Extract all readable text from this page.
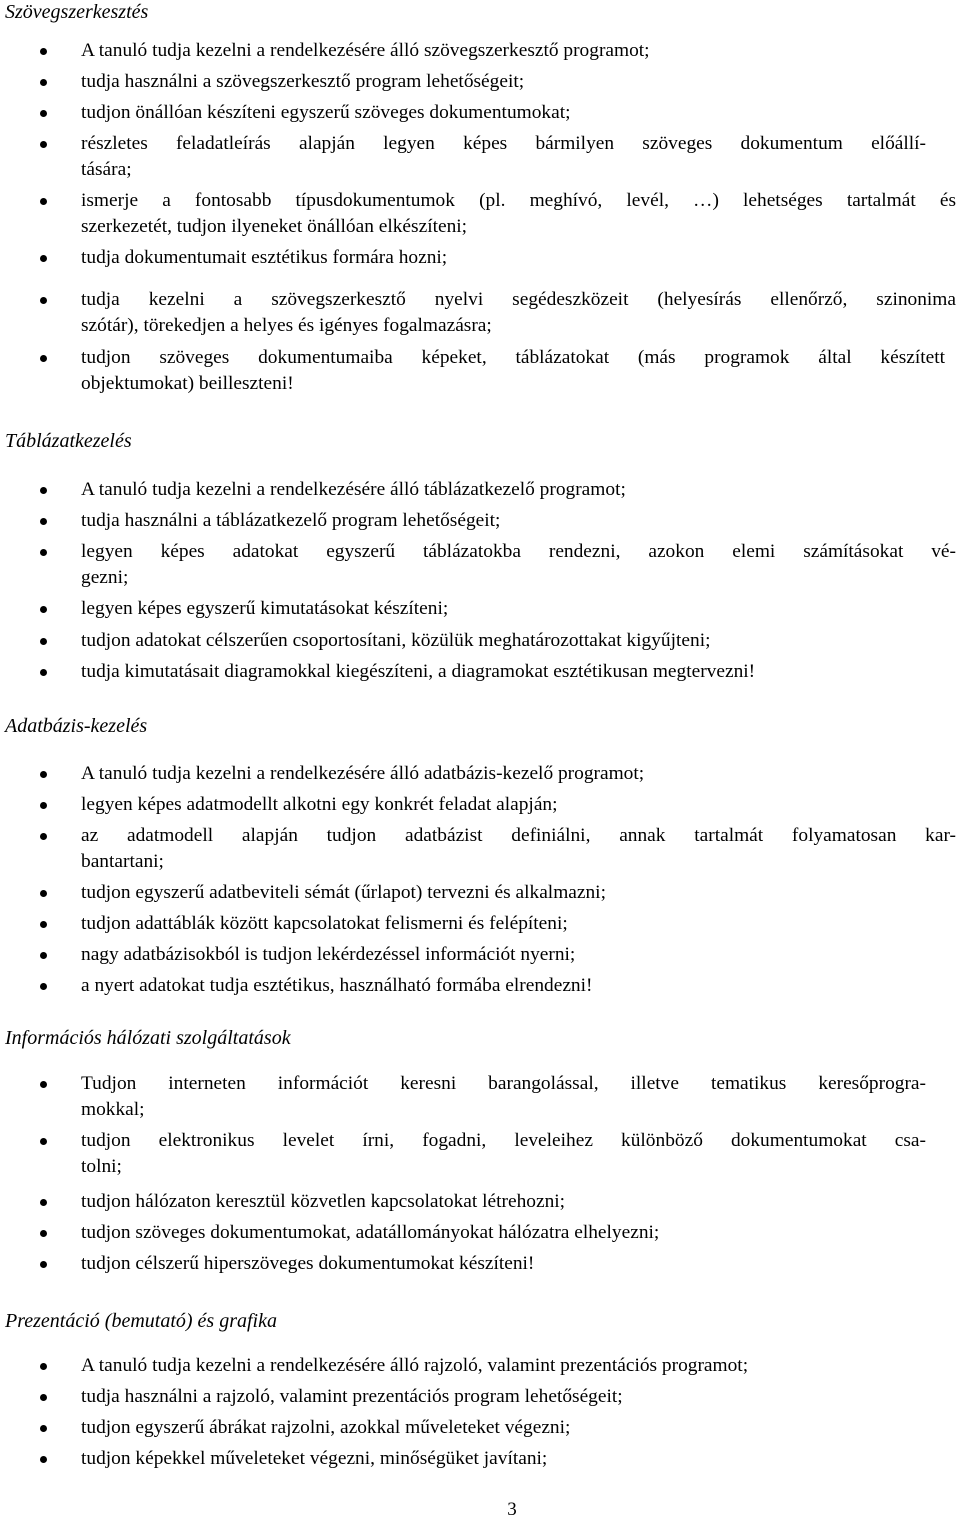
Szövegszerkesztés
A tanuló tudja kezelni a rendelkezésére álló szövegszerkesztő programot;
tudja használni a szövegszerkesztő program lehetőségeit;
tudjon önállóan készíteni egyszerű szöveges dokumentumokat;
részletes feladatleírás alapján legyen képes bármilyen szöveges dokumentum előállí-
tására;
ismerje a fontosabb típusdokumentumok (pl. meghívó, levél, …) lehetséges tartalmát és
szerkezetét, tudjon ilyeneket önállóan elkészíteni;
tudja dokumentumait esztétikus formára hozni;
tudja kezelni a szövegszerkesztő nyelvi segédeszközeit (helyesírás ellenőrző, szinonima
szótár), törekedjen a helyes és igényes fogalmazásra;
tudjon szöveges dokumentumaiba képeket, táblázatokat (más programok által készített
objektumokat) beilleszteni!
Táblázatkezelés
A tanuló tudja kezelni a rendelkezésére álló táblázatkezelő programot;
tudja használni a táblázatkezelő program lehetőségeit;
legyen képes adatokat egyszerű táblázatokba rendezni, azokon elemi számításokat vé-
gezni;
legyen képes egyszerű kimutatásokat készíteni;
tudjon adatokat célszerűen csoportosítani, közülük meghatározottakat kigyűjteni;
tudja kimutatásait diagramokkal kiegészíteni, a diagramokat esztétikusan megtervezni!
Adatbázis-kezelés
A tanuló tudja kezelni a rendelkezésére álló adatbázis-kezelő programot;
legyen képes adatmodellt alkotni egy konkrét feladat alapján;
az adatmodell alapján tudjon adatbázist definiálni, annak tartalmát folyamatosan kar-
bantartani;
tudjon egyszerű adatbeviteli sémát (űrlapot) tervezni és alkalmazni;
tudjon adattáblák között kapcsolatokat felismerni és felépíteni;
nagy adatbázisokból is tudjon lekérdezéssel információt nyerni;
a nyert adatokat tudja esztétikus, használható formába elrendezni!
Információs hálózati szolgáltatások
Tudjon interneten információt keresni barangolással, illetve tematikus keresőprogra-
mokkal;
tudjon elektronikus levelet írni, fogadni, leveleihez különböző dokumentumokat csa-
tolni;
tudjon hálózaton keresztül közvetlen kapcsolatokat létrehozni;
tudjon szöveges dokumentumokat, adatállományokat hálózatra elhelyezni;
tudjon célszerű hiperszöveges dokumentumokat készíteni!
Prezentáció (bemutató) és grafika
A tanuló tudja kezelni a rendelkezésére álló rajzoló, valamint prezentációs programot;
tudja használni a rajzoló, valamint prezentációs program lehetőségeit;
tudjon egyszerű ábrákat rajzolni, azokkal műveleteket végezni;
tudjon képekkel műveleteket végezni, minőségüket javítani;
3
